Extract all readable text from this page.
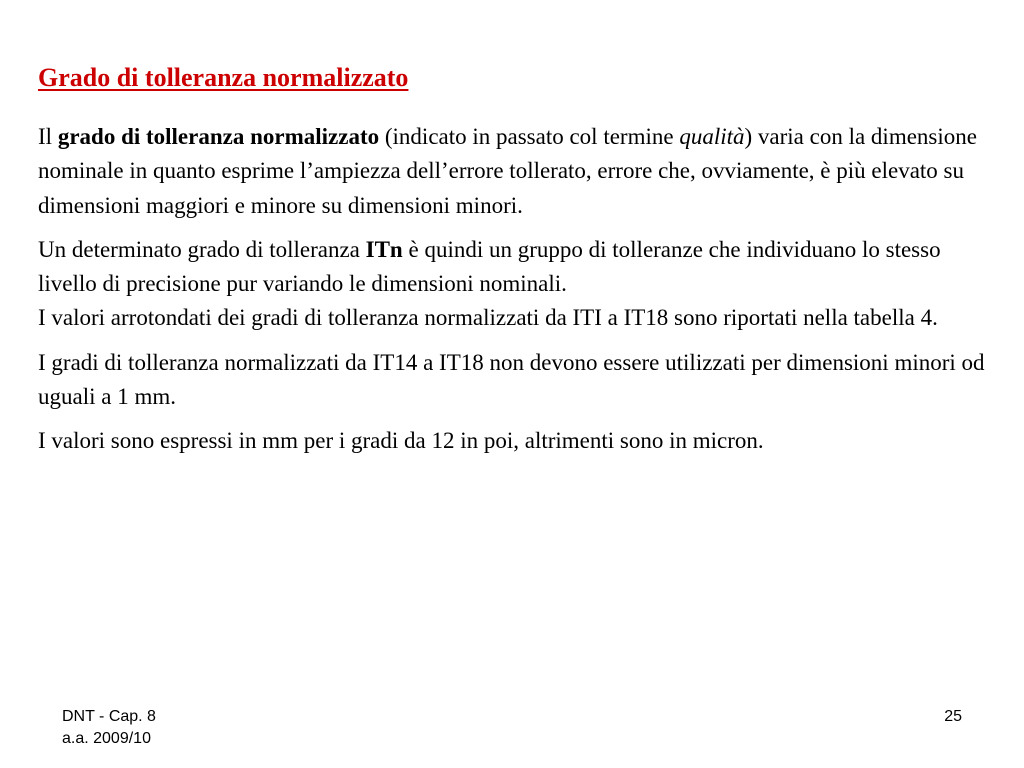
Grado di tolleranza normalizzato

Il grado di tolleranza normalizzato (indicato in passato col termine qualità) varia con la dimensione nominale in quanto esprime l’ampiezza dell’errore tollerato, errore che, ovviamente, è più elevato su dimensioni maggiori e minore su dimensioni minori.

Un determinato grado di tolleranza ITn è quindi un gruppo di tolleranze che individuano lo stesso livello di precisione pur variando le dimensioni nominali.
I valori arrotondati dei gradi di tolleranza normalizzati da ITI a IT18 sono riportati nella tabella 4.

I gradi di tolleranza normalizzati da IT14 a IT18 non devono essere utilizzati per dimensioni minori od uguali a 1 mm.

I valori sono espressi in mm per i gradi da 12 in poi, altrimenti sono in micron.

DNT - Cap. 8
a.a. 2009/10
25
